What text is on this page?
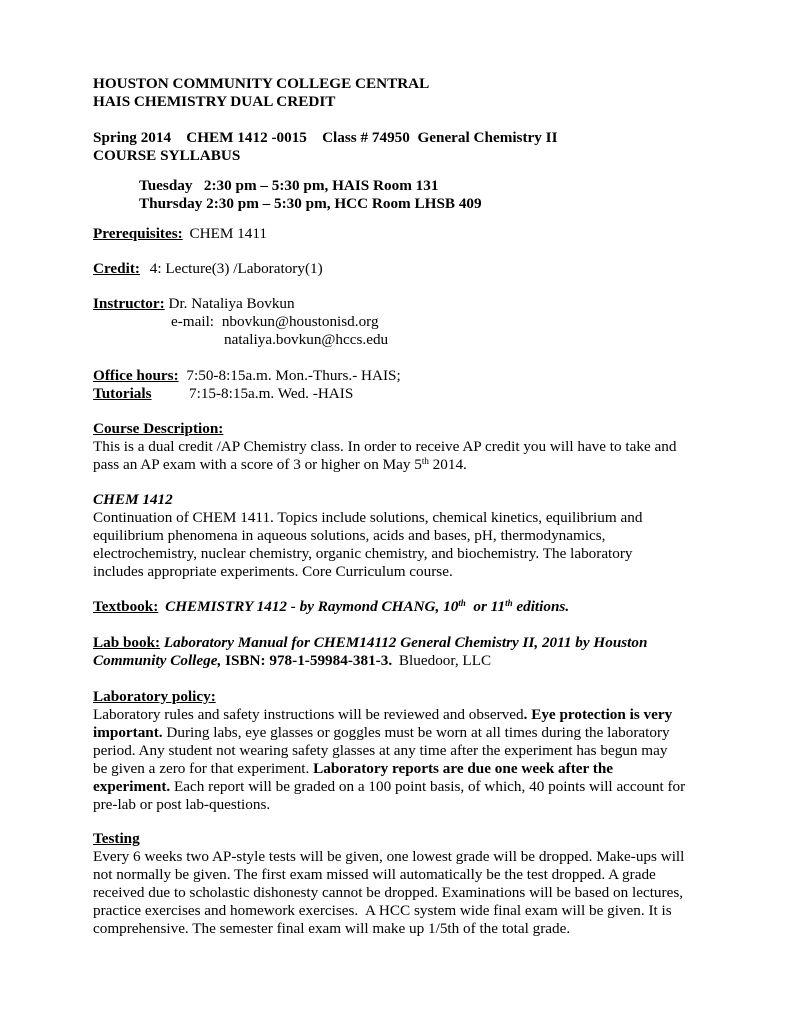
HOUSTON COMMUNITY COLLEGE CENTRAL
HAIS CHEMISTRY DUAL CREDIT
Spring 2014    CHEM 1412 -0015    Class # 74950  General Chemistry II
COURSE SYLLABUS
Tuesday   2:30 pm – 5:30 pm, HAIS Room 131
Thursday 2:30 pm – 5:30 pm, HCC Room LHSB 409
Prerequisites: CHEM 1411
Credit: 4: Lecture(3) /Laboratory(1)
Instructor: Dr. Nataliya Bovkun
e-mail: nbovkun@houstonisd.org
nataliya.bovkun@hccs.edu
Office hours: 7:50-8:15a.m. Mon.-Thurs.- HAIS;
Tutorials 7:15-8:15a.m. Wed. -HAIS
Course Description:
This is a dual credit /AP Chemistry class. In order to receive AP credit you will have to take and
pass an AP exam with a score of 3 or higher on May 5th 2014.
CHEM 1412
Continuation of CHEM 1411. Topics include solutions, chemical kinetics, equilibrium and
equilibrium phenomena in aqueous solutions, acids and bases, pH, thermodynamics,
electrochemistry, nuclear chemistry, organic chemistry, and biochemistry. The laboratory
includes appropriate experiments. Core Curriculum course.
Textbook: CHEMISTRY 1412 - by Raymond CHANG, 10th  or 11th editions.
Lab book: Laboratory Manual for CHEM14112 General Chemistry II, 2011 by Houston
Community College, ISBN: 978-1-59984-381-3. Bluedoor, LLC
Laboratory policy:
Laboratory rules and safety instructions will be reviewed and observed. Eye protection is very
important. During labs, eye glasses or goggles must be worn at all times during the laboratory
period. Any student not wearing safety glasses at any time after the experiment has begun may
be given a zero for that experiment. Laboratory reports are due one week after the
experiment. Each report will be graded on a 100 point basis, of which, 40 points will account for
pre-lab or post lab-questions.
Testing
Every 6 weeks two AP-style tests will be given, one lowest grade will be dropped. Make-ups will
not normally be given. The first exam missed will automatically be the test dropped. A grade
received due to scholastic dishonesty cannot be dropped. Examinations will be based on lectures,
practice exercises and homework exercises.  A HCC system wide final exam will be given. It is
comprehensive. The semester final exam will make up 1/5th of the total grade.
